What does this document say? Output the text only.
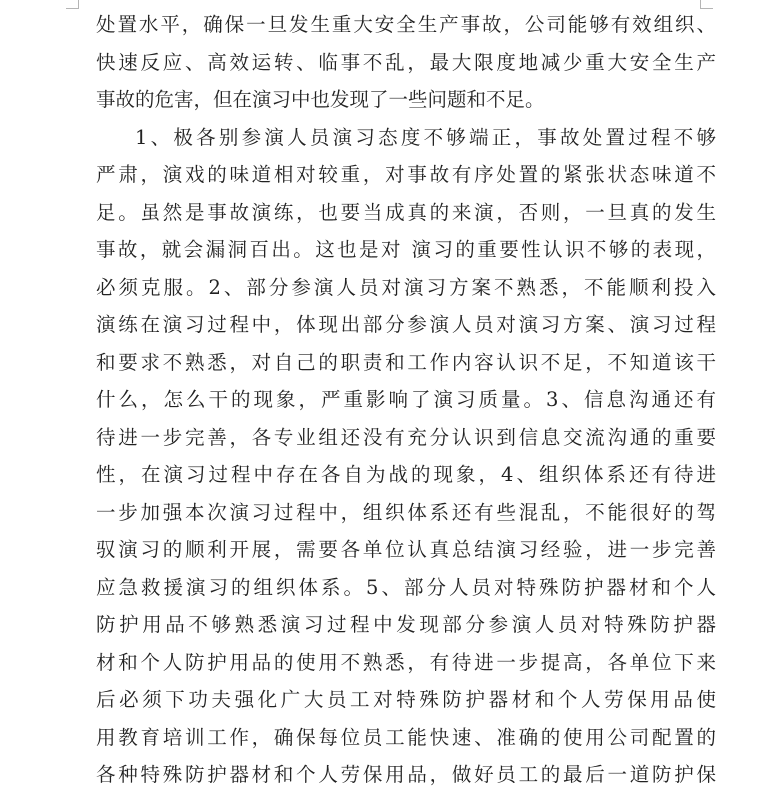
处置水平，确保一旦发生重大安全生产事故，公司能够有效组织、
快速反应、高效运转、临事不乱，最大限度地减少重大安全生产
事故的危害，但在演习中也发现了一些问题和不足。
1、极各别参演人员演习态度不够端正，事故处置过程不够
严肃，演戏的味道相对较重，对事故有序处置的紧张状态味道不
足。虽然是事故演练，也要当成真的来演，否则，一旦真的发生
事故，就会漏洞百出。这也是对 演习的重要性认识不够的表现，
必须克服。2、部分参演人员对演习方案不熟悉，不能顺利投入
演练在演习过程中，体现出部分参演人员对演习方案、演习过程
和要求不熟悉，对自己的职责和工作内容认识不足，不知道该干
什么，怎么干的现象，严重影响了演习质量。3、信息沟通还有
待进一步完善，各专业组还没有充分认识到信息交流沟通的重要
性，在演习过程中存在各自为战的现象，4、组织体系还有待进
一步加强本次演习过程中，组织体系还有些混乱，不能很好的驾
驭演习的顺利开展，需要各单位认真总结演习经验，进一步完善
应急救援演习的组织体系。5、部分人员对特殊防护器材和个人
防护用品不够熟悉演习过程中发现部分参演人员对特殊防护器
材和个人防护用品的使用不熟悉，有待进一步提高，各单位下来
后必须下功夫强化广大员工对特殊防护器材和个人劳保用品使
用教育培训工作，确保每位员工能快速、准确的使用公司配置的
各种特殊防护器材和个人劳保用品，做好员工的最后一道防护保
